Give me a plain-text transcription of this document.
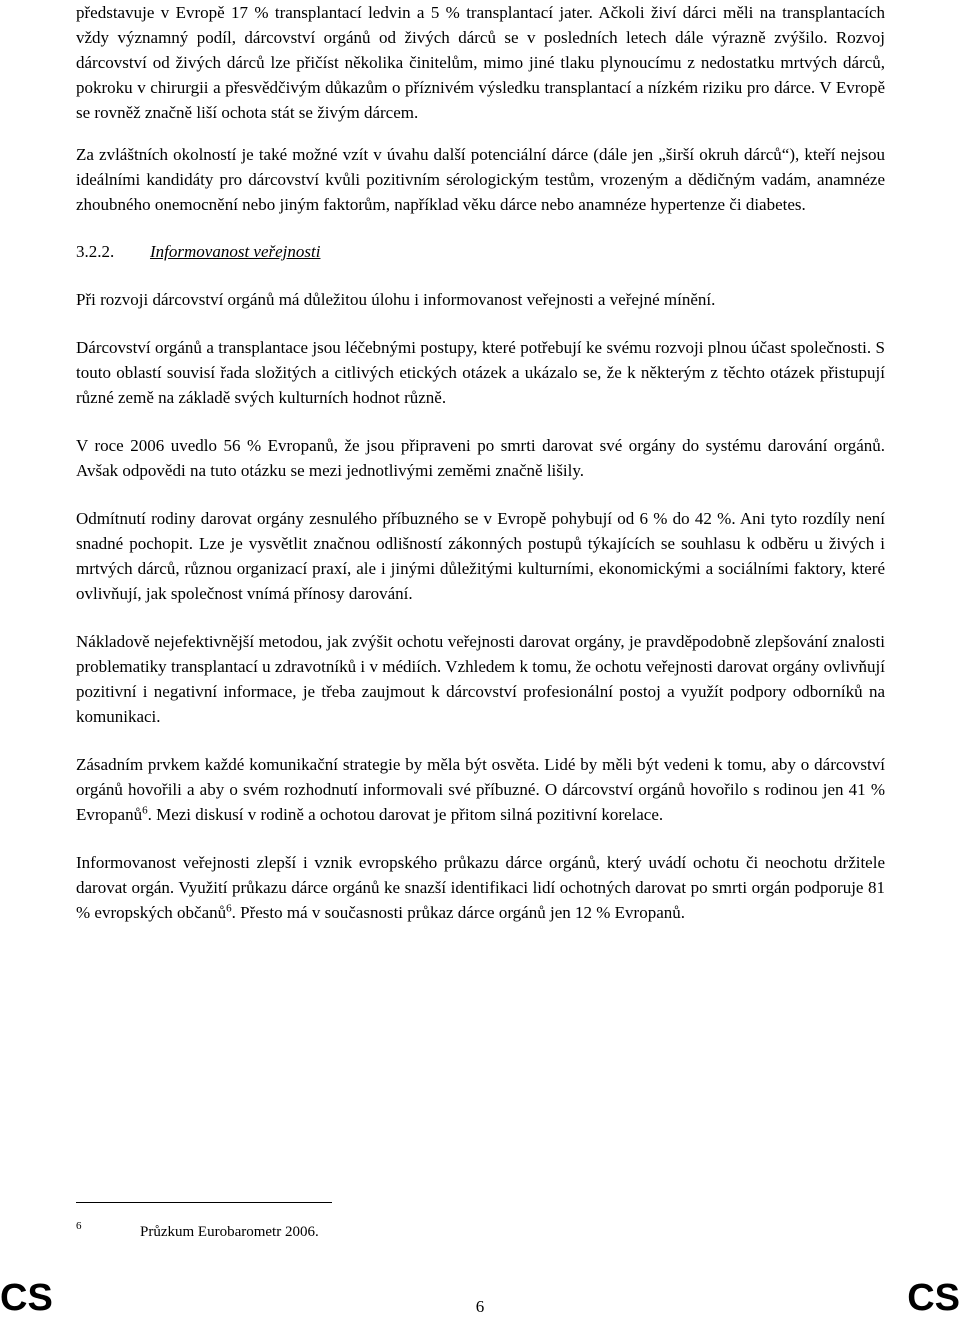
představuje v Evropě 17 % transplantací ledvin a 5 % transplantací jater. Ačkoli živí dárci měli na transplantacích vždy významný podíl, dárcovství orgánů od živých dárců se v posledních letech dále výrazně zvýšilo. Rozvoj dárcovství od živých dárců lze přičíst několika činitelům, mimo jiné tlaku plynoucímu z nedostatku mrtvých dárců, pokroku v chirurgii a přesvědčivým důkazům o příznivém výsledku transplantací a nízkém riziku pro dárce. V Evropě se rovněž značně liší ochota stát se živým dárcem.

Za zvláštních okolností je také možné vzít v úvahu další potenciální dárce (dále jen „širší okruh dárců“), kteří nejsou ideálními kandidáty pro dárcovství kvůli pozitivním sérologickým testům, vrozeným a dědičným vadám, anamnéze zhoubného onemocnění nebo jiným faktorům, například věku dárce nebo anamnéze hypertenze či diabetes.

3.2.2.	Informovanost veřejnosti

Při rozvoji dárcovství orgánů má důležitou úlohu i informovanost veřejnosti a veřejné mínění.

Dárcovství orgánů a transplantace jsou léčebnými postupy, které potřebují ke svému rozvoji plnou účast společnosti. S touto oblastí souvisí řada složitých a citlivých etických otázek a ukázalo se, že k některým z těchto otázek přistupují různé země na základě svých kulturních hodnot různě.

V roce 2006 uvedlo 56 % Evropanů, že jsou připraveni po smrti darovat své orgány do systému darování orgánů. Avšak odpovědi na tuto otázku se mezi jednotlivými zeměmi značně lišily.

Odmítnutí rodiny darovat orgány zesnulého příbuzného se v Evropě pohybují od 6 % do 42 %. Ani tyto rozdíly není snadné pochopit. Lze je vysvětlit značnou odlišností zákonných postupů týkajících se souhlasu k odběru u živých i mrtvých dárců, různou organizací praxí, ale i jinými důležitými kulturními, ekonomickými a sociálními faktory, které ovlivňují, jak společnost vnímá přínosy darování.

Nákladově nejefektivnější metodou, jak zvýšit ochotu veřejnosti darovat orgány, je pravděpodobně zlepšování znalosti problematiky transplantací u zdravotníků i v médiích. Vzhledem k tomu, že ochotu veřejnosti darovat orgány ovlivňují pozitivní i negativní informace, je třeba zaujmout k dárcovství profesionální postoj a využít podpory odborníků na komunikaci.

Zásadním prvkem každé komunikační strategie by měla být osvěta. Lidé by měli být vedeni k tomu, aby o dárcovství orgánů hovořili a aby o svém rozhodnutí informovali své příbuzné. O dárcovství orgánů hovořilo s rodinou jen 41 % Evropanů$^6$. Mezi diskusí v rodině a ochotou darovat je přitom silná pozitivní korelace.

Informovanost veřejnosti zlepší i vznik evropského průkazu dárce orgánů, který uvádí ochotu či neochotu držitele darovat orgán. Využití průkazu dárce orgánů ke snazší identifikaci lidí ochotných darovat po smrti orgán podporuje 81 % evropských občanů$^6$. Přesto má v současnosti průkaz dárce orgánů jen 12 % Evropanů.

6	Průzkum Eurobarometr 2006.
CS	6	CS
